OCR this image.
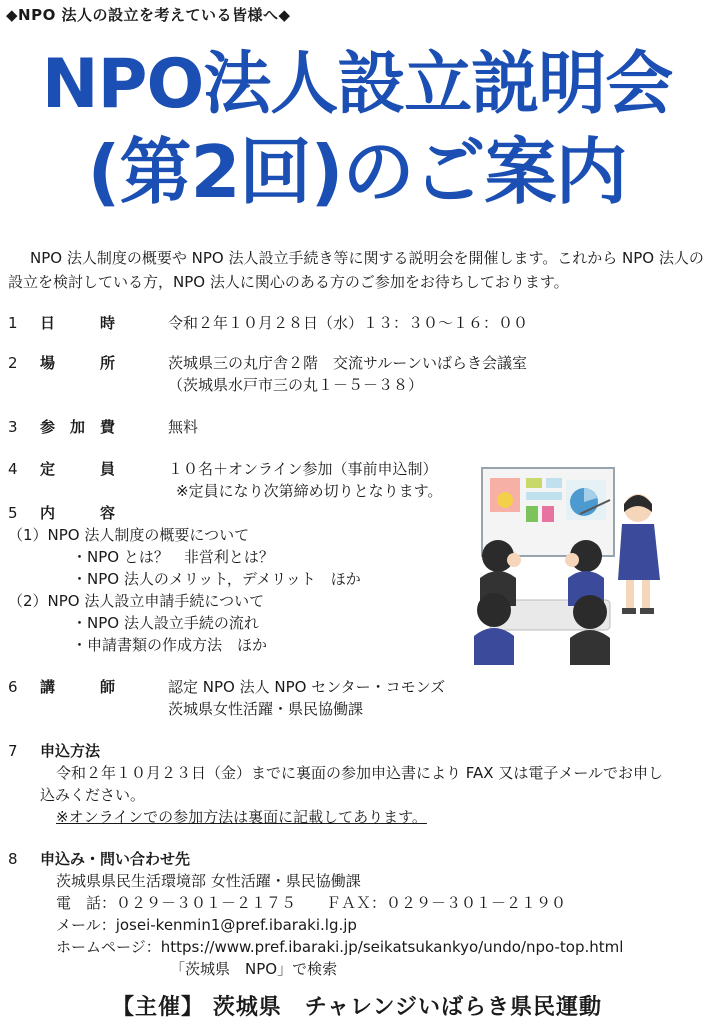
◆NPO 法人の設立を考えている皆様へ◆
NPO法人設立説明会
(第2回)のご案内
NPO 法人制度の概要や NPO 法人設立手続き等に関する説明会を開催します。これから NPO 法人の設立を検討している方，NPO 法人に関心のある方のご参加をお待ちしております。
1 日　　　時	令和２年１０月２８日（水）１３：３０～１６：００
2 場　　　所	茨城県三の丸庁舎２階　交流サルーンいばらき会議室
（茨城県水戸市三の丸１－５－３８）
3 参　加　費	無料
4 定　　　員	１０名＋オンライン参加（事前申込制）
※定員になり次第締め切りとなります。
5 内　　　容
（1）NPO 法人制度の概要について
・NPO とは？　非営利とは？
・NPO 法人のメリット，デメリット　ほか
（2）NPO 法人設立申請手続について
・NPO 法人設立手続の流れ
・申請書類の作成方法　ほか
6 講　　　師	認定 NPO 法人 NPO センター・コモンズ
茨城県女性活躍・県民協働課
7 申込方法
令和２年１０月２３日（金）までに裏面の参加申込書により FAX 又は電子メールでお申し
込みください。
※オンラインでの参加方法は裏面に記載してあります。
8 申込み・問い合わせ先
茨城県県民生活環境部 女性活躍・県民協働課
電　話：０２９－３０１－２１７５　　ＦＡＸ：０２９－３０１－２１９０
メール：josei-kenmin1@pref.ibaraki.lg.jp
ホームページ：https://www.pref.ibaraki.jp/seikatsukankyo/undo/npo-top.html
「茨城県　NPO」で検索
【主催】 茨城県　チャレンジいばらき県民運動
